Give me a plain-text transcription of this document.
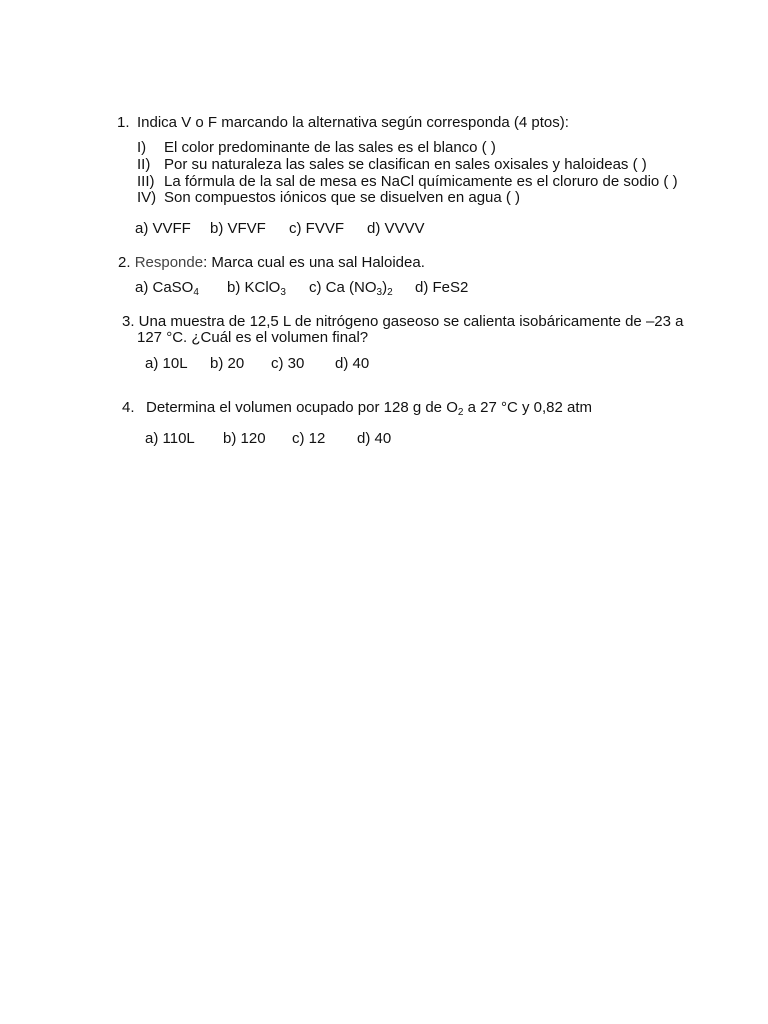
1. Indica V o F marcando la alternativa según corresponda (4 ptos):
I) El color predominante de las sales es el blanco ( )
II) Por su naturaleza las sales se clasifican en sales oxisales y haloideas ( )
III) La fórmula de la sal de mesa es NaCl químicamente es el cloruro de sodio ( )
IV) Son compuestos iónicos que se disuelven en agua ( )
a) VVFF b) VFVF c) FVVF d) VVVV
2. Responde: Marca cual es una sal Haloidea.
a) CaSO$_4$ b) KClO$_3$ c) Ca $(NO_3)_2$ d) FeS2
3. Una muestra de 12,5 L de nitrógeno gaseoso se calienta isobáricamente de –23 a
127 °C. ¿Cuál es el volumen final?
a) 10L b) 20 c) 30 d) 40
4. Determina el volumen ocupado por 128 g de $O_2$ a 27 °C y 0,82 atm
a) 110L b) 120 c) 12 d) 40
